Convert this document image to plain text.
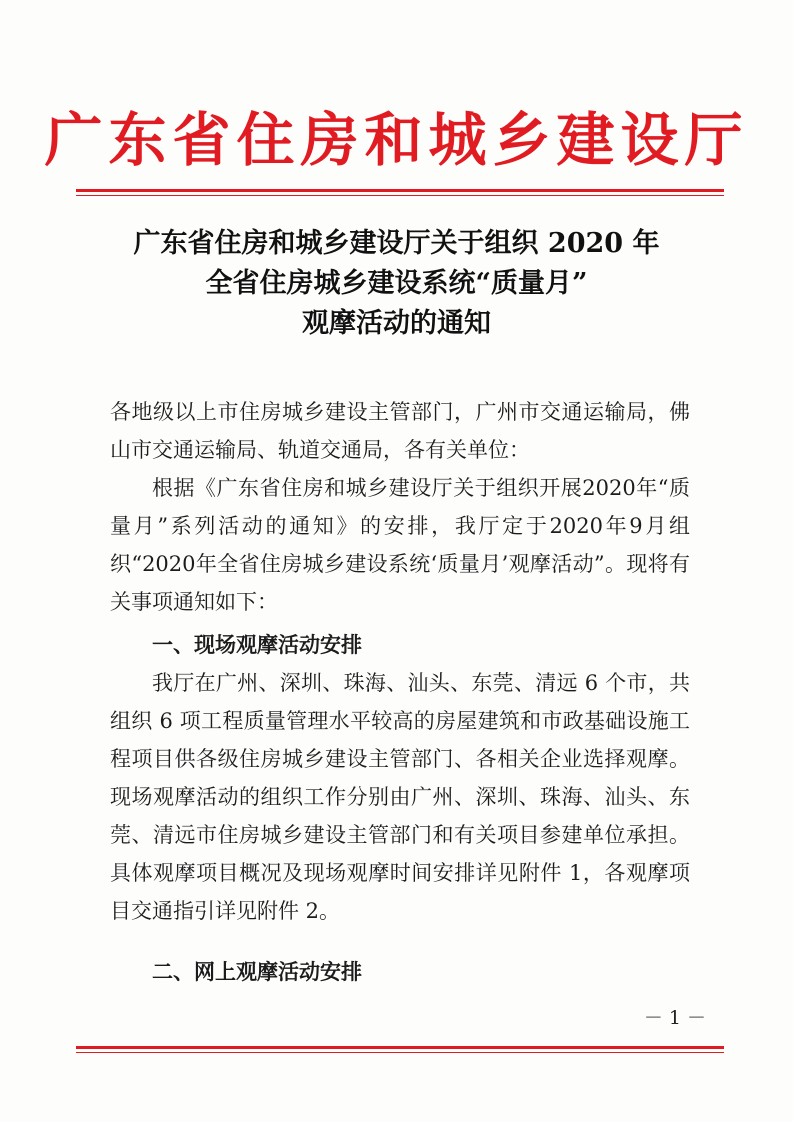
广东省住房和城乡建设厅
广东省住房和城乡建设厅关于组织 2020 年
全省住房城乡建设系统“质量月”
观摩活动的通知
各地级以上市住房城乡建设主管部门，广州市交通运输局，佛山市交通运输局、轨道交通局，各有关单位：
根据《广东省住房和城乡建设厅关于组织开展2020年“质量月”系列活动的通知》的安排，我厅定于2020年9月组织“2020年全省住房城乡建设系统‘质量月’观摩活动”。现将有关事项通知如下：
一、现场观摩活动安排
我厅在广州、深圳、珠海、汕头、东莞、清远 6 个市，共组织 6 项工程质量管理水平较高的房屋建筑和市政基础设施工程项目供各级住房城乡建设主管部门、各相关企业选择观摩。现场观摩活动的组织工作分别由广州、深圳、珠海、汕头、东莞、清远市住房城乡建设主管部门和有关项目参建单位承担。具体观摩项目概况及现场观摩时间安排详见附件 1，各观摩项目交通指引详见附件 2。
二、网上观摩活动安排
－ 1 －
